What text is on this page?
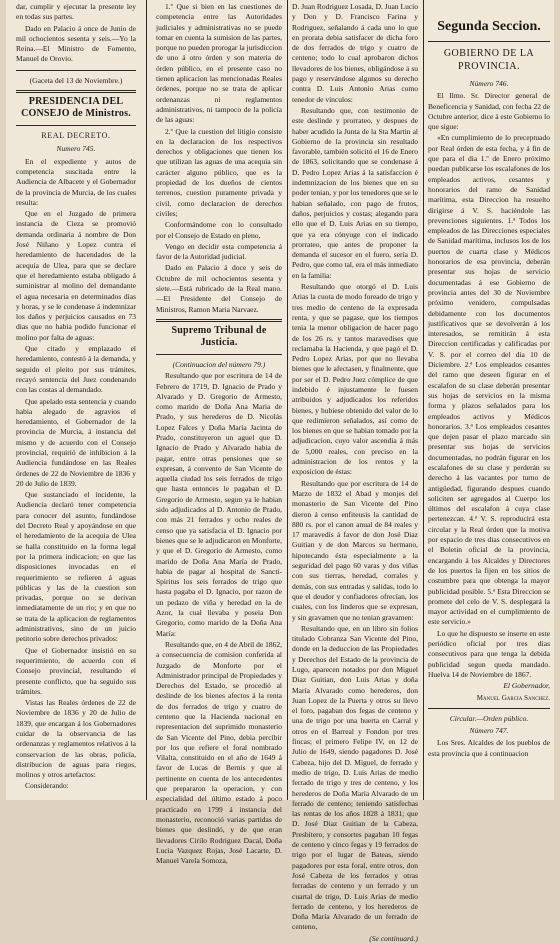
dar, cumplir y ejecutar la presente ley en todas sus partes.

Dado en Palacio á once de Junio de mil ochocientos sesenta y seis.—Yo la Reina.—El Ministro de Fomento, Manuel de Orovio.

(Gaceta del 13 de Noviembre.)

PRESIDENCIA DEL CONSEJO de Ministros.
REAL DECRETO.
Numero 745.

En el expediente y autos de competencia suscitada entre la Audiencia de Albacete y el Gobernador de la provincia de Murcia, de los cuales resulta:

Que en el Juzgado de primera instancia de Cieza se promovió demanda ordinaria á nombre de Don José Niñano y Lopez contra el heredamiento de hacendados de la acequia de Ulea, para que se declare que el heredamiento estaba obligado á suministrar al molino del demandante el agua necesaria en determinados dias y horas, y se le condenase á indemnizar los daños y perjuicios causados en 73 dias que no habia podido funcionar el molino por falta de aguas:

Que citado y emplazado el heredamiento, contestó á la demanda, y seguido el pleito por sus trámites, recayó sentencia del Juez condenando con las costas al demandado.

Que apelado esta sentencia y cuando habia alegado de agravios el heredamiento, el Gobernador de la provincia de Murcia, á instancia del mismo y de acuerdo con el Consejo provincial, requirió de inhibicion á la Audiencia fundándose en las Reales órdenes de 22 de Noviembre de 1836 y 20 de Julio de 1839.

Que sustanciado el incidente, la Audiencia declaró tener competencia para conocer del asunto, fundándose del Decreto Real y apoyándose en que el heredamiento de la acequia de Ulea se halla constituido en la forma legal por la primera indicacion; en que las disposiciones invocadas en el requerimiento se refieren á aguas públicas y las de la cuestion son privadas, porque no se derivan inmediatamente de un rio; y en que no se trata de la aplicacion de reglamentos administrativos, sino de un juicio petitorio sobre derechos privados:

Que el Gobernador insistió en su requerimiento, de acuerdo con el Consejo provincial, resultando el presente conflicto, que ha seguido sus trámites.

Vistas las Reales órdenes de 22 de Noviembre de 1836 y 20 de Julio de 1839, que encargan á los Gobernadores cuidar de la observancia de las ordenanzas y reglamentos relativos á la conservacion de las obras, policía, distribucion de aguas para riegos, molinos y otros artefactos:

Considerando:

1.º Que si bien en las cuestiones de competencia entre las Autoridades judiciales y administrativas no se puede tomar en cuenta la sumision de las partes, porque no pueden prorogar la jurisdiccion de uno á otro órden y son materia de órden público, en el presente caso no tienen aplicacion las mencionadas Reales órdenes, porque no se trata de aplicar ordenanzas ni reglamentos administrativos, ni tampoco de la policía de las aguas:

2.º Que la cuestion del litigio consiste en la declaracion de los respectivos derechos y obligaciones que tienen los que utilizan las aguas de una acequia sin carácter alguno público, que es la propiedad de los dueños de cientos terrenos, cuestion puramente privada y civil, como declaracion de derechos civiles;

Conformándome con lo consultado por el Consejo de Estado en pleno,

Vengo en decidir esta competencia á favor de la Autoridad judicial.

Dado en Palacio á doce y seis de Octubre de mil ochocientos sesenta y siete.—Está rubricado de la Real mano.—El Presidente del Consejo de Ministros, Ramon Maria Narvaez.

Supremo Tribunal de Justicia.

(Continuacion del número 79.)

Resultando que por escritura de 14 de Febrero de 1719, D. Ignacio de Prado y Alvarado y D. Gregorio de Armesto, como marido de Doña Ana Maria de Prado, y sus herederos de D. Nicolás Lopez Falces y Doña María Jacinta de Prado, constituyeron un aguel que D. Ignacio de Prado y Alvarado habia de pagar, entre otras pensiones que se expresan, á convento de San Vicente de aquella ciudad los seis ferrados de trigo que hasta entonces le pagaban el D. Gregorio de Armesto, segun ya le habian sido adjudicados al D. Antonio de Prado, con más 21 ferrados y ocho reales de censo que ya satisfacia el D. Ignacio por bienes que se le adjudicaron en Monforte, y que el D. Gregorio de Armesto, como marido de Doña Ana María de Prado, habia de pagar al hospital de Sancti-Spiritus los seis ferrados de trigo que hasta pagaba el D. Ignacio, por razon de un pedazo de viña y heredad en la de Azor, la cual llevaba y poseia Don Gregorio, como marido de la Doña Ana María:

Resultando que, en 4 de Abril de 1862, a consecuencia de comision conferida al Juzgado de Monforte por el Administrador principal de Propiedades y Derechos del Estado, se procedió al deslinde de los bienes afectos á la renta de dos ferrados de trigo y cuatro de centeno que la Hacienda nacional en representacion del suprimido monasterio de San Vicente del Pino, debia percibir por los que refiere el foral nombrado Vilalta, constituido en el año de 1649 á favor de Lucas de Bernis y que al pertinente en cuenta de los antecedentes que prepararon la operacion, y con especialidad del último estado á poco practicado en 1799 á instancia del monasterio, reconoció varias partidas de bienes que deslindó, y de que eran llevadores Cirilo Rodriguez Dacal, Doña Lucia Vazquez Rojas, José Lacarte, D. Manuel Varela Somoza,

D. Juan Rodriguez Losada, D. Juan Lucio y Don y D. Francisco Farina y Rodriguez, señalando á cada uno lo que en prorata debia satisfacer de dicha foro de dos ferrados de trigo y cuatro de centeno; todo lo cual aprobaron dichos llevadores de los bienes, obligándose á su pago y reservándose algunos su derecho contra D. Luis Antonio Arias como tenedor de vínculos:

Resultando que, con testimonio de este deslinde y prorrateo, y despues de haber acudido la Junta de la Sta Martin al Gobierno de la provincia sin resultado favorable, también solicitó el 16 de Enero de 1863, solicitando que se condenase á D. Pedro Lopez Arias á la satisfaccion é indemnizacion de los bienes que en su poder tenian, y por los tenedores que se le habian señalado, con pago de frutos, daños, perjuicios y costas; alegando para ello que el D. Luis Arias en su tiempo, que ya era cónyuge con el indicado prorrateo, que antes de proponer la demanda el sucesor en el fuero, sería D. Pedro, que como tal, era el más inmediato en la familia:

Resultando que otorgó el D. Luis Arias la cuota de modo foreado de trigo y tres medio de centeno de la expresada renta, y que se pagase, que los tiempos tenia la menor obligacion de hacer pago de los 26 rs. y tantos maravedises que reclamaba la Hacienda, y que pagó el D. Pedro Lopez Arias, por que no llevaba bienes que le afectasen, y finalmente, que por ser el D. Pedro Juez cómplice de que indebido é injustamente le fuesen atribuidos y adjudicados los referidos bienes, y hubiese obtenido del valor de lo que redimieron señalados, así como de los bienes en que se habian tomado por la adjudicacion, cuyo valor ascendia á más de 5,000 reales, con preciso en la administracion de los rentos y la exposicion de éstas:

Resultando que por escritura de 14 de Marzo de 1832 el Abad y monjes del monasterio de San Vicente del Pino dieron á censo enfiteusis la cantidad de 880 rs. por el canon anual de 84 reales y 17 maravedís á favor de don José Diaz Guitian y de don Marcos su hermano, hipotecando ésta especialmente a la seguridad del pago 60 varas y dos viñas con sus tierras, heredad, corrales y demás, con sus entradas y salidas, todo lo que el deudor y confiadores ofrecían, los cuales, con los linderos que se expresan, y sin gravamen que no tenian gravamen:

Resultando que, en un libro sin folios titulado Cobranza San Vicente del Pino, donde en la deduccion de las Propiedades y Derechos del Estado de la provincia de Lugo, aparecen notados por don Miguel Diaz Guitian, don Luis Arias y doña María Alvarado como herederos, don Juan Lopez de la Puerta y otros su llevo el foro, pagaban dos fegas de centeno y una de trigo por una huerta en Carral y otros en el Barreal y Fondon por tres fincas; el primero Felipe IV, en 12 de Julio de 1649, siendo pagadores D. José Cabeza, hijo del D. Miguel, de ferrado y medio de trigo, D. Luis Arias de medio ferrado de trigo y tres de centeno, y los herederos de Doña María Alvarado de un ferrado de centeno; teniendo satisfechas las rentas de los años 1828 á 1831; que D. José Diaz Guitian de la Cabeza, Presbítero, y consortes pagaban 10 fegas de centeno y cinco fegas y 19 ferrados de trigo por el lugar de Bateas, siendo pagadores por esta foral, entre otros, don José Cabeza de los ferrados y otras ferradas de centeno y un ferrado y un cuartal de trigo, D. Luis Arias de medio ferrado de centeno, y los herederos de Doña María Alvarado de un ferrado de centeno,

(Se continuará.)

Segunda Seccion.
GOBIERNO DE LA PROVINCIA.
Número 746.

El Ilmo. Sr. Director general de Beneficencia y Sanidad, con fecha 22 de Octubre anterior, dice á este Gobierno lo que sigue:

«En cumplimiento de lo preceptuado por Real órden de esta fecha, y á fin de que para el dia 1.º de Enero próximo puedan publicarse los escalafones de los empleados activos, cesantes y honorarios del ramo de Sanidad marítima, esta Direccion ha resuelto dirigirse á V. S. haciéndole las prevenciones siguientes. 1.ª Todos los empleados de las Direcciones especiales de Sanidad marítima, inclusos los de los puertos de cuarta clase y Médicos honorarios de esa provincia, deberán presentar sus hojas de servicio documentadas á ese Gobierno de provincia antes del 30 de Noviembre próximo venidero, compulsadas debidamente con los documentos justificativos que se devolverán á los interesados, se remitirán á esta Direccion certificadas y calificadas por V. S. por el correo del dia 10 de Diciembre. 2.ª Los empleados cesantes del ramo que deseen figurar en el escalafon de su clase deberán presentar sus hojas de servicios en la misma forma y plazos señalados para los empleados activos y Médicos honorarios. 3.ª Los empleados cesantes que dejen pasar el plazo marcado sin presentar sus hojas de servicios documentadas, no podrán figurar en los escalafones de su clase y perderán su derecho á las vacantes por turno de antigüedad, figurando despues cuando soliciten ser agregados al Cuerpo los últimos del escalafon á cuya clase pertenezcan. 4.ª V. S. reproducirá esta circular y la Real órden que la motiva por espacio de tres dias consecutivos en el Boletin oficial de la provincia, encargando á los Alcaldes y Directores de los puertos la fijen en los sitios de costumbre para que obtenga la mayor publicidad posible. 5.ª Esta Direccion se promete del celo de V. S. desplegará la mayor actividad en el cumplimiento de este servicio.»

Lo que he dispuesto se inserte en este periódico oficial por tres dias consecutivos para que tenga la debida publicidad segun queda mandado. Huelva 14 de Noviembre de 1867.

El Gobernador,

Manuel Garcia Sanchez.

Circular.—Orden público.

Número 747.

Los Sres. Alcaldes de los pueblos de esta provincia que á continuacion
